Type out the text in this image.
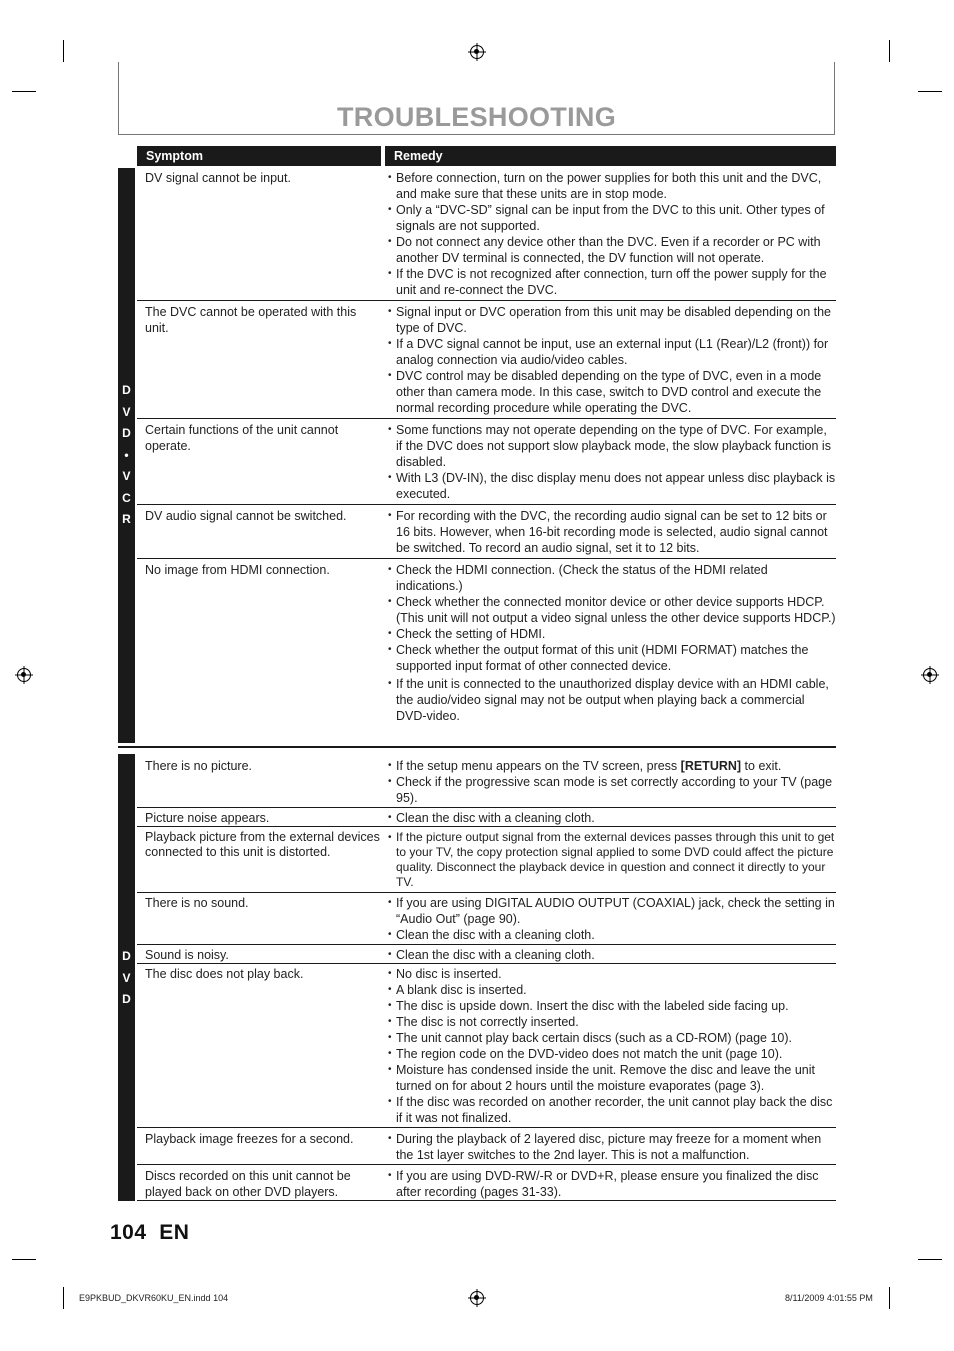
TROUBLESHOOTING
Symptom	Remedy
D
V
D
•
V
C
R
D
V
D
DV signal cannot be input.	• Before connection, turn on the power supplies for both this unit and the DVC, and make sure that these units are in stop mode.
• Only a “DVC-SD” signal can be input from the DVC to this unit. Other types of signals are not supported.
• Do not connect any device other than the DVC. Even if a recorder or PC with another DV terminal is connected, the DV function will not operate.
• If the DVC is not recognized after connection, turn off the power supply for the unit and re-connect the DVC.
The DVC cannot be operated with this unit.
• Signal input or DVC operation from this unit may be disabled depending on the type of DVC.
• If a DVC signal cannot be input, use an external input (L1 (Rear)/L2 (front)) for analog connection via audio/video cables.
• DVC control may be disabled depending on the type of DVC, even in a mode other than camera mode. In this case, switch to DVD control and execute the normal recording procedure while operating the DVC.
Certain functions of the unit cannot operate.
• Some functions may not operate depending on the type of DVC. For example, if the DVC does not support slow playback mode, the slow playback function is disabled.
• With L3 (DV-IN), the disc display menu does not appear unless disc playback is executed.
DV audio signal cannot be switched.	• For recording with the DVC, the recording audio signal can be set to 12 bits or 16 bits. However, when 16-bit recording mode is selected, audio signal cannot be switched. To record an audio signal, set it to 12 bits.
No image from HDMI connection.	• Check the HDMI connection. (Check the status of the HDMI related indications.)
• Check whether the connected monitor device or other device supports HDCP. (This unit will not output a video signal unless the other device supports HDCP.)
• Check the setting of HDMI.
• Check whether the output format of this unit (HDMI FORMAT) matches the supported input format of other connected device.
• If the unit is connected to the unauthorized display device with an HDMI cable, the audio/video signal may not be output when playing back a commercial DVD-video.
There is no picture.	• If the setup menu appears on the TV screen, press [RETURN] to exit.
• Check if the progressive scan mode is set correctly according to your TV (page 95).
Picture noise appears.	• Clean the disc with a cleaning cloth.
Playback picture from the external devices connected to this unit is distorted.
• If the picture output signal from the external devices passes through this unit to get to your TV, the copy protection signal applied to some DVD could affect the picture quality. Disconnect the playback device in question and connect it directly to your TV.
There is no sound.	• If you are using DIGITAL AUDIO OUTPUT (COAXIAL) jack, check the setting in “Audio Out” (page 90).
• Clean the disc with a cleaning cloth.
Sound is noisy.	• Clean the disc with a cleaning cloth.
The disc does not play back.	• No disc is inserted.
• A blank disc is inserted.
• The disc is upside down. Insert the disc with the labeled side facing up.
• The disc is not correctly inserted.
• The unit cannot play back certain discs (such as a CD-ROM) (page 10).
• The region code on the DVD-video does not match the unit (page 10).
• Moisture has condensed inside the unit. Remove the disc and leave the unit turned on for about 2 hours until the moisture evaporates (page 3).
• If the disc was recorded on another recorder, the unit cannot play back the disc if it was not finalized.
Playback image freezes for a second.	• During the playback of 2 layered disc, picture may freeze for a moment when the 1st layer switches to the 2nd layer. This is not a malfunction.
Discs recorded on this unit cannot be played back on other DVD players.
• If you are using DVD-RW/-R or DVD+R, please ensure you finalized the disc after recording (pages 31-33).
104 EN
E9PKBUD_DKVR60KU_EN.indd 104	8/11/2009 4:01:55 PM
